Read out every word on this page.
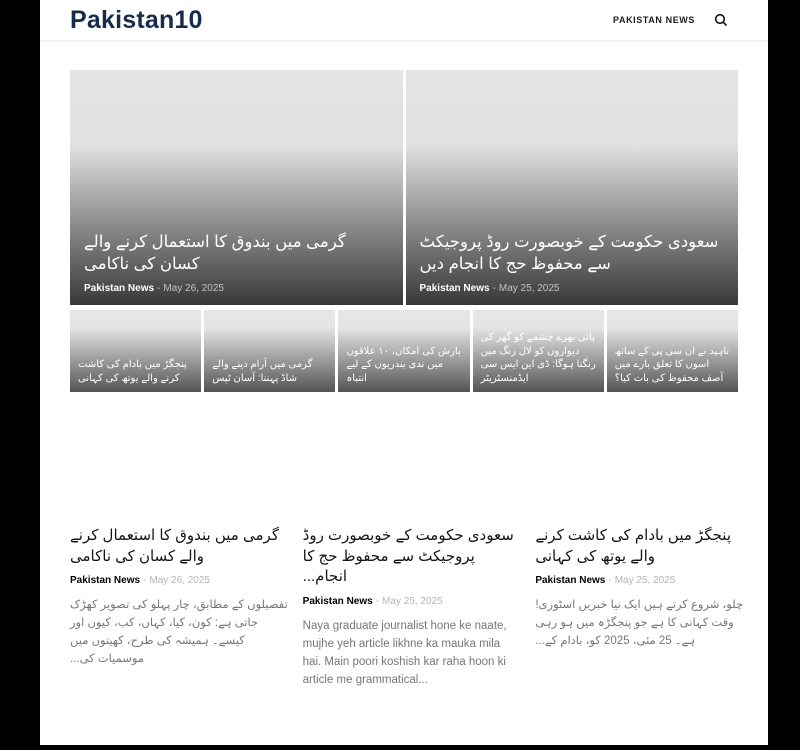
Pakistan10	PAKISTAN NEWS
گرمی میں بندوق کا استعمال کرنے والے کسان کی ناکامی
Pakistan News - May 26, 2025
سعودی حکومت کے خوبصورت روڈ پروجیکٹ سے محفوظ حج کا انجام دیں
Pakistan News - May 25, 2025
پنجگڑ میں بادام کی کاشت کرنے والے یوتھ کی کہانی
گرمی میں آرام دینے والے شاڈ پہننا: آسان ٹپس
بارش کی امکان، ۱۰ علاقوں میں ندی بندریوں کے لیے انتباہ
پانی بھرے چشمے کو گھر کی دیواروں کو لال رنگ میں رنگنا ہوگا: ڈی این ایس سی ایڈمنسٹریٹر
ناہید نے ان سی پی کے ساتھ اسوں کا تعلق بارے میں آصف محفوظ کی بات کیا؟
گرمی میں بندوق کا استعمال کرنے والے کسان کی ناکامی
Pakistan News - May 26, 2025
تفصیلوں کے مطابق، چار پہلو کی تصویر کھڑک جاتی ہے: کون، کیا، کہاں، کب، کیوں اور کیسے۔ ہمیشہ کی طرح، کھیتوں میں موسمیات کی...
سعودی حکومت کے خوبصورت روڈ پروجیکٹ سے محفوظ حج کا انجام...
Pakistan News - May 25, 2025
Naya graduate journalist hone ke naate, mujhe yeh article likhne ka mauka mila hai. Main poori koshish kar raha hoon ki article me grammatical...
پنجگڑ میں بادام کی کاشت کرنے والے یوتھ کی کہانی
Pakistan News - May 25, 2025
چلو، شروع کرتے ہیں ایک نیا خبریں اسٹوری! وقت کہانی کا ہے جو پنجگڑہ میں ہو رہی ہے۔ 25 مئی، 2025 کو، بادام کے...
